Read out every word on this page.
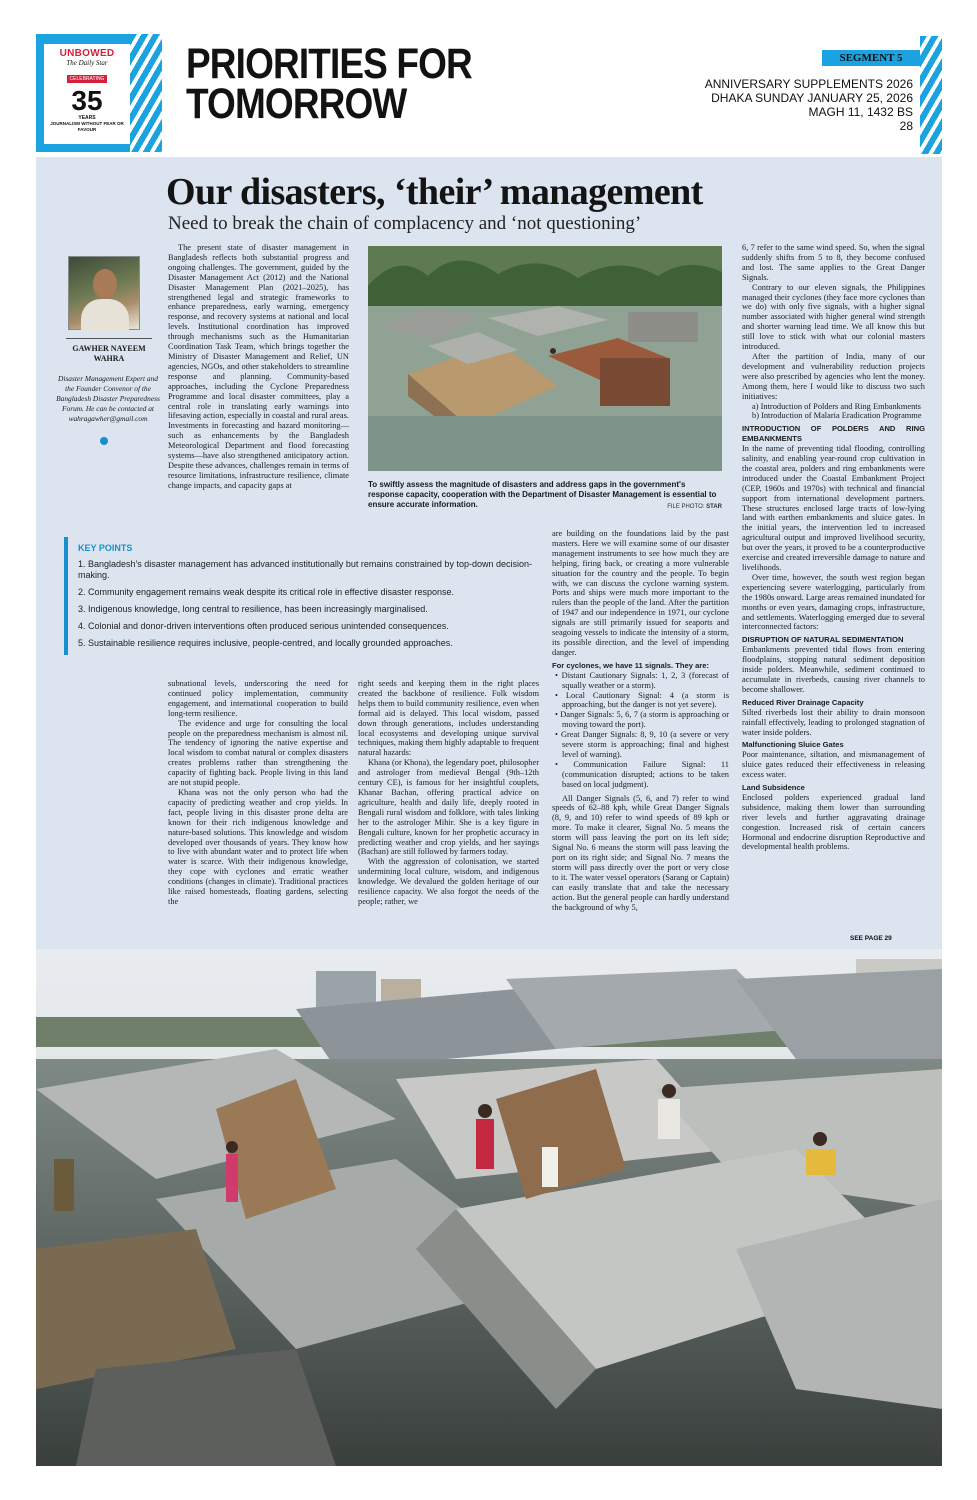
UNBOWED
The Daily Star
CELEBRATING
35
YEARS
JOURNALISM WITHOUT FEAR OR FAVOUR
PRIORITIES FOR
TOMORROW
SEGMENT 5
ANNIVERSARY SUPPLEMENTS 2026
DHAKA SUNDAY JANUARY 25, 2026
MAGH 11, 1432 BS
28
Our disasters, ‘their’ management
Need to break the chain of complacency and ‘not questioning’
GAWHER NAYEEM WAHRA
Disaster Management Expert and the Founder Convenor of the Bangladesh Disaster Preparedness Forum. He can be contacted at wahragawher@gmail.com

The present state of disaster management in Bangladesh reflects both substantial progress and ongoing challenges. The government, guided by the Disaster Management Act (2012) and the National Disaster Management Plan (2021–2025), has strengthened legal and strategic frameworks to enhance preparedness, early warning, emergency response, and recovery systems at national and local levels. Institutional coordination has improved through mechanisms such as the Humanitarian Coordination Task Team, which brings together the Ministry of Disaster Management and Relief, UN agencies, NGOs, and other stakeholders to streamline response and planning. Community-based approaches, including the Cyclone Preparedness Programme and local disaster committees, play a central role in translating early warnings into lifesaving action, especially in coastal and rural areas. Investments in forecasting and hazard monitoring—such as enhancements by the Bangladesh Meteorological Department and flood forecasting systems—have also strengthened anticipatory action. Despite these advances, challenges remain in terms of resource limitations, infrastructure resilience, climate change impacts, and capacity gaps at	To swiftly assess the magnitude of disasters and address gaps in the government's response capacity, cooperation with the Department of Disaster Management is essential to ensure accurate information.	FILE PHOTO: STAR

6, 7 refer to the same wind speed. So, when the signal suddenly shifts from 5 to 8, they become confused and lost. The same applies to the Great Danger Signals.

Contrary to our eleven signals, the Philippines managed their cyclones (they face more cyclones than we do) with only five signals, with a higher signal number associated with higher general wind strength and shorter warning lead time. We all know this but still love to stick with what our colonial masters introduced.

After the partition of India, many of our development and vulnerability reduction projects were also prescribed by agencies who lent the money. Among them, here I would like to discuss two such initiatives:

a) Introduction of Polders and Ring Embankments

b) Introduction of Malaria Eradication Programme

INTRODUCTION OF POLDERS AND RING EMBANKMENTS

In the name of preventing tidal flooding, controlling salinity, and enabling year-round crop cultivation in the coastal area, polders and ring embankments were introduced under the Coastal Embankment Project (CEP, 1960s and 1970s) with technical and financial support from international development partners. These structures enclosed large tracts of low-lying land with earthen embankments and sluice gates. In the initial years, the intervention led to increased agricultural output and improved livelihood security, but over the years, it proved to be a counterproductive exercise and created irreversible damage to nature and livelihoods.

Over time, however, the south west region began experiencing severe waterlogging, particularly from the 1980s onward. Large areas remained inundated for months or even years, damaging crops, infrastructure, and settlements. Waterlogging emerged due to several interconnected factors:

DISRUPTION OF NATURAL SEDIMENTATION

Embankments prevented tidal flows from entering floodplains, stopping natural sediment deposition inside polders. Meanwhile, sediment continued to accumulate in riverbeds, causing river channels to become shallower.

Reduced River Drainage Capacity

Silted riverbeds lost their ability to drain monsoon rainfall effectively, leading to prolonged stagnation of water inside polders.

Malfunctioning Sluice Gates

Poor maintenance, siltation, and mismanagement of sluice gates reduced their effectiveness in releasing excess water.

Land Subsidence

Enclosed polders experienced gradual land subsidence, making them lower than surrounding river levels and further aggravating drainage congestion. Increased risk of certain cancers Hormonal and endocrine disruption Reproductive and developmental health problems.

KEY POINTS
1. Bangladesh's disaster management has advanced institutionally but remains constrained by top-down decision-making.
2. Community engagement remains weak despite its critical role in effective disaster response.
3. Indigenous knowledge, long central to resilience, has been increasingly marginalised.
4. Colonial and donor-driven interventions often produced serious unintended consequences.
5. Sustainable resilience requires inclusive, people-centred, and locally grounded approaches.

are building on the foundations laid by the past masters. Here we will examine some of our disaster management instruments to see how much they are helping, firing back, or creating a more vulnerable situation for the country and the people. To begin with, we can discuss the cyclone warning system. Ports and ships were much more important to the rulers than the people of the land. After the partition of 1947 and our independence in 1971, our cyclone signals are still primarily issued for seaports and seagoing vessels to indicate the intensity of a storm, its possible direction, and the level of impending danger.

For cyclones, we have 11 signals. They are:

• Distant Cautionary Signals: 1, 2, 3 (forecast of squally weather or a storm).
• Local Cautionary Signal: 4 (a storm is approaching, but the danger is not yet severe).
• Danger Signals: 5, 6, 7 (a storm is approaching or moving toward the port).
• Great Danger Signals: 8, 9, 10 (a severe or very severe storm is approaching; final and highest level of warning).
• Communication Failure Signal: 11 (communication disrupted; actions to be taken based on local judgment).

All Danger Signals (5, 6, and 7) refer to wind speeds of 62–88 kph, while Great Danger Signals (8, 9, and 10) refer to wind speeds of 89 kph or more. To make it clearer, Signal No. 5 means the storm will pass leaving the port on its left side; Signal No. 6 means the storm will pass leaving the port on its right side; and Signal No. 7 means the storm will pass directly over the port or very close to it. The water vessel operators (Sarang or Captain) can easily translate that and take the necessary action. But the general people can hardly understand the background of why 5,

subnational levels, underscoring the need for continued policy implementation, community engagement, and international cooperation to build long-term resilience.

The evidence and urge for consulting the local people on the preparedness mechanism is almost nil. The tendency of ignoring the native expertise and local wisdom to combat natural or complex disasters creates problems rather than strengthening the capacity of fighting back. People living in this land are not stupid people.

Khana was not the only person who had the capacity of predicting weather and crop yields. In fact, people living in this disaster prone delta are known for their rich indigenous knowledge and nature-based solutions. This knowledge and wisdom developed over thousands of years. They know how to live with abundant water and to protect life when water is scarce. With their indigenous knowledge, they cope with cyclones and erratic weather conditions (changes in climate). Traditional practices like raised homesteads, floating gardens, selecting the

right seeds and keeping them in the right places created the backbone of resilience. Folk wisdom helps them to build community resilience, even when formal aid is delayed. This local wisdom, passed down through generations, includes understanding local ecosystems and developing unique survival techniques, making them highly adaptable to frequent natural hazards:

Khana (or Khona), the legendary poet, philosopher and astrologer from medieval Bengal (9th–12th century CE), is famous for her insightful couplets, Khanar Bachan, offering practical advice on agriculture, health and daily life, deeply rooted in Bengali rural wisdom and folklore, with tales linking her to the astrologer Mihir. She is a key figure in Bengali culture, known for her prophetic accuracy in predicting weather and crop yields, and her sayings (Bachan) are still followed by farmers today.

With the aggression of colonisation, we started undermining local culture, wisdom, and indigenous knowledge. We devalued the golden heritage of our resilience capacity. We also forgot the needs of the people; rather, we

SEE PAGE 29
